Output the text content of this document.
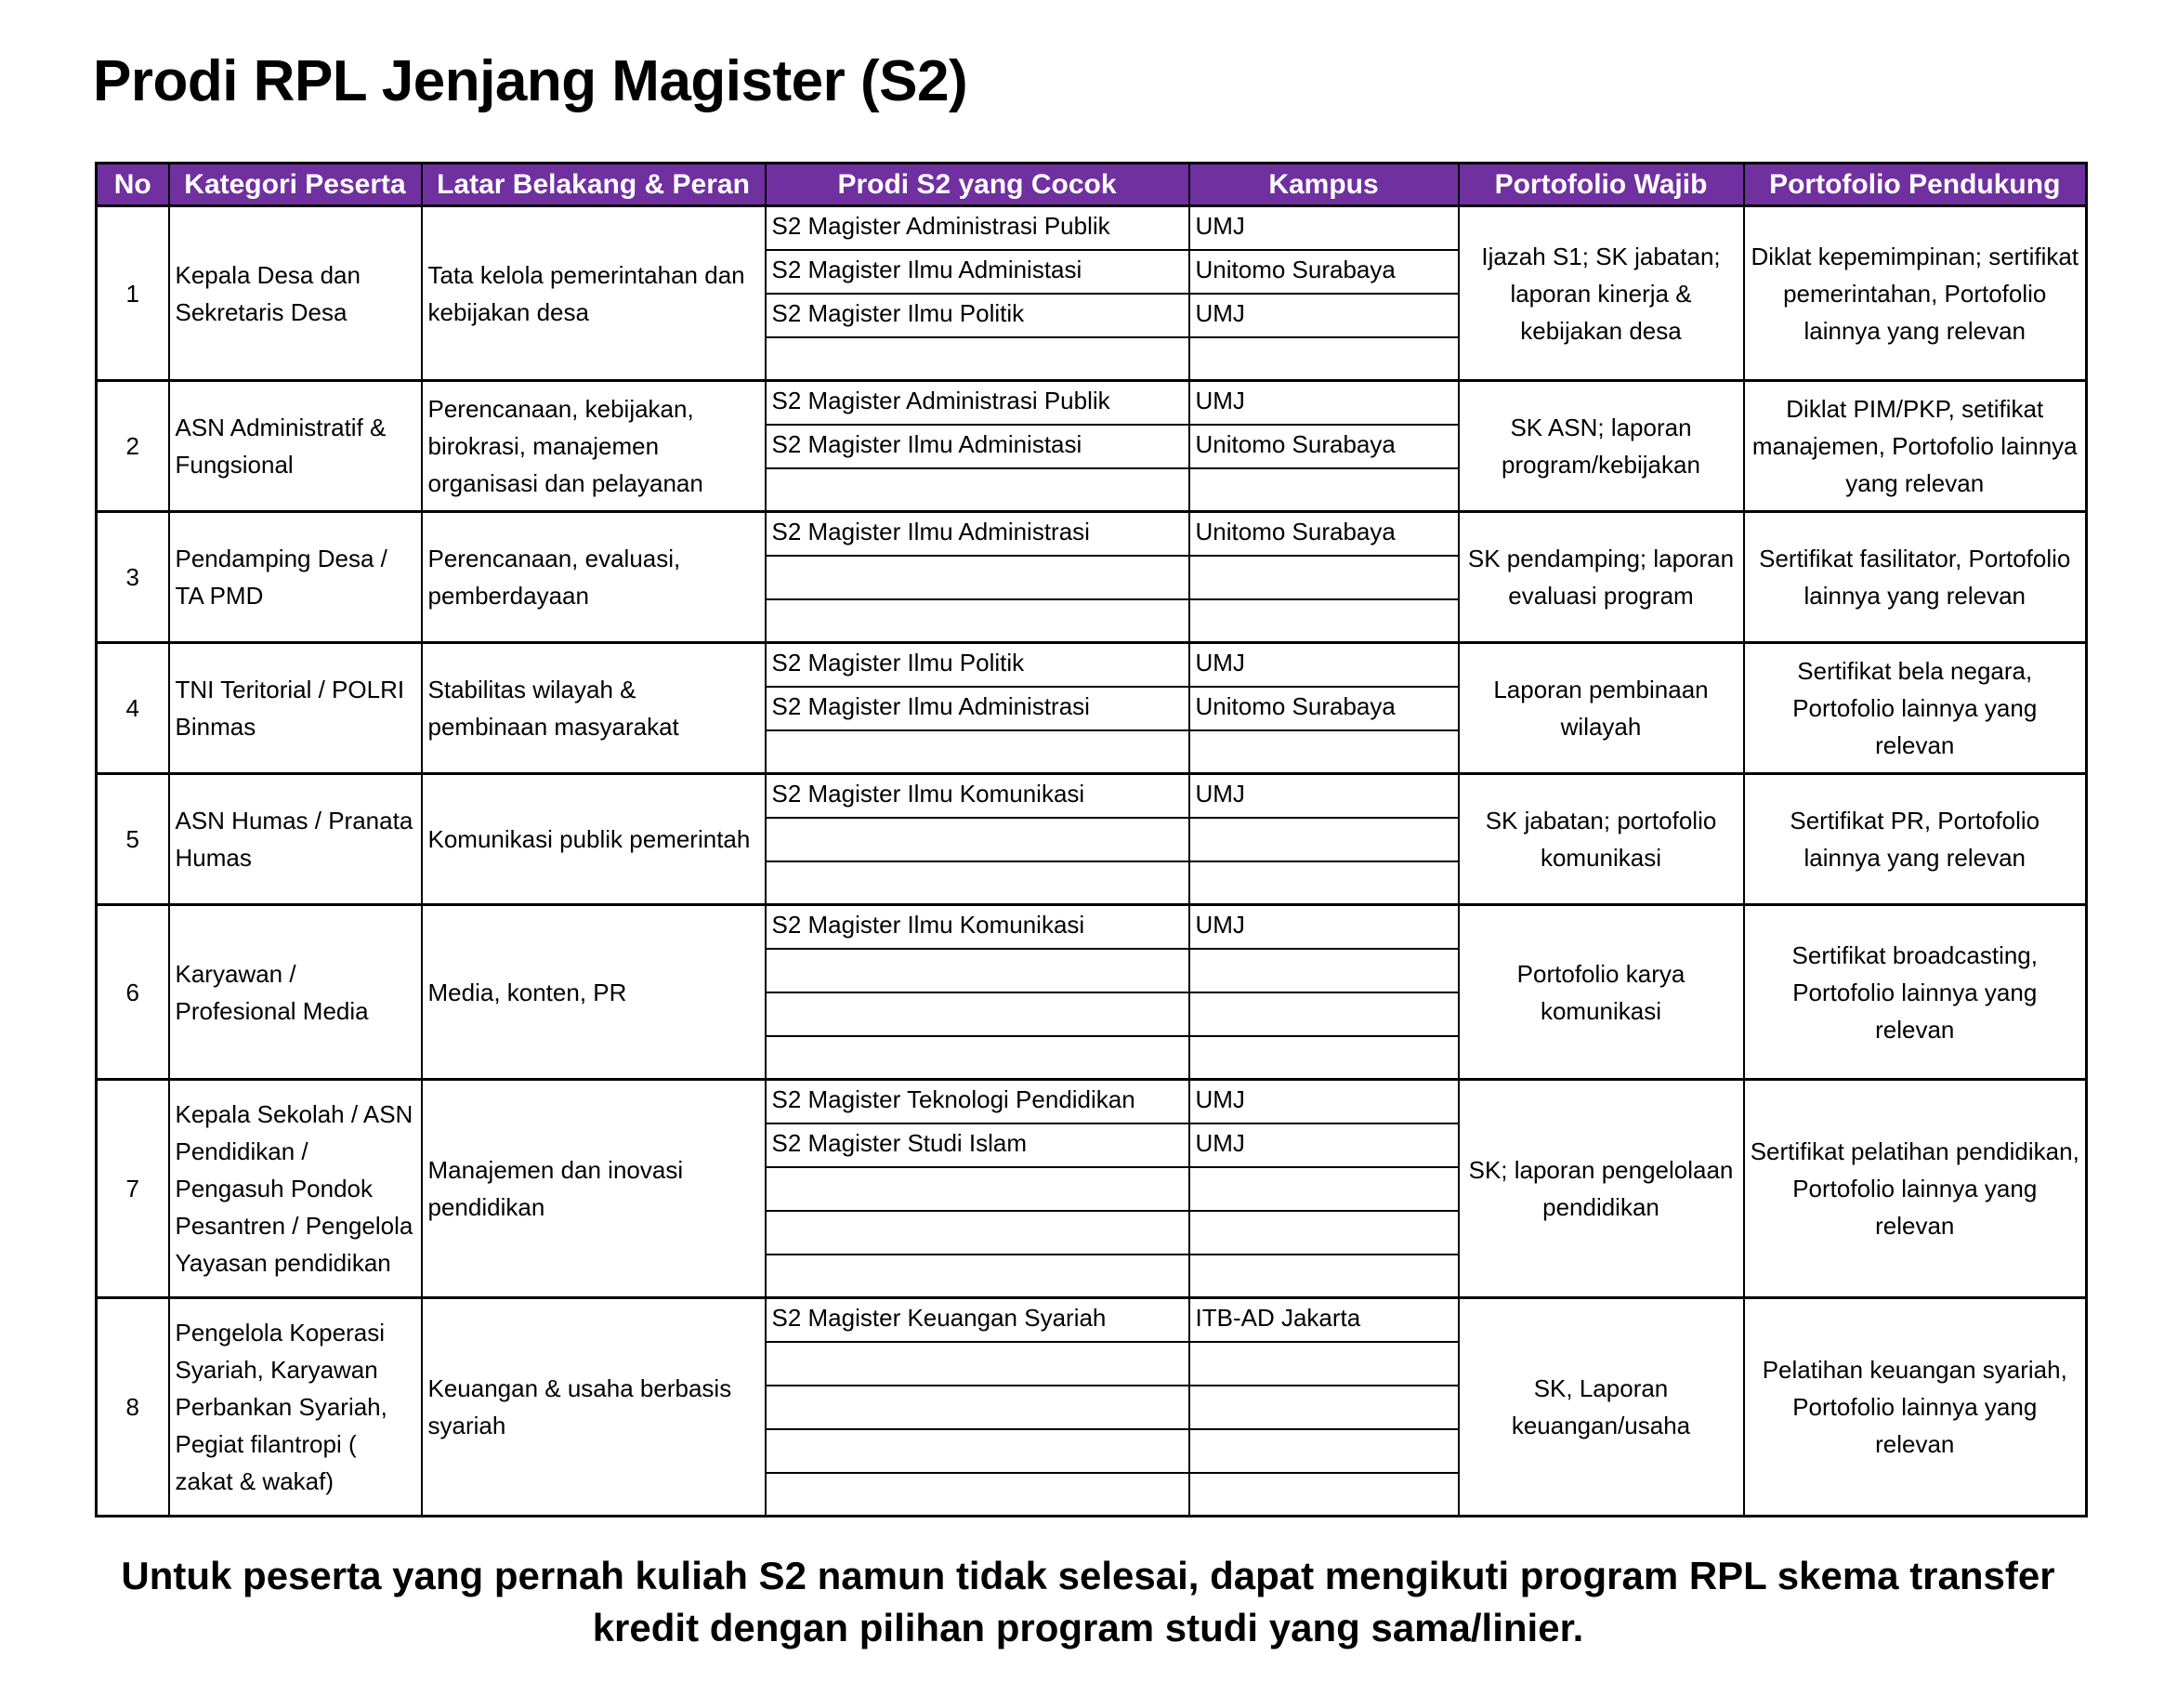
Prodi RPL Jenjang Magister (S2)
No	Kategori Peserta	Latar Belakang & Peran	Prodi S2 yang Cocok	Kampus	Portofolio Wajib	Portofolio Pendukung
1	Kepala Desa dan Sekretaris Desa	Tata kelola pemerintahan dan kebijakan desa	S2 Magister Administrasi Publik	UMJ	Ijazah S1; SK jabatan; laporan kinerja & kebijakan desa	Diklat kepemimpinan; sertifikat pemerintahan, Portofolio lainnya yang relevan
			S2 Magister Ilmu Administasi	Unitomo Surabaya		
			S2 Magister Ilmu Politik	UMJ		

2	ASN Administratif & Fungsional	Perencanaan, kebijakan, birokrasi, manajemen organisasi dan pelayanan	S2 Magister Administrasi Publik	UMJ	SK ASN; laporan program/kebijakan	Diklat PIM/PKP, setifikat manajemen, Portofolio lainnya yang relevan
			S2 Magister Ilmu Administasi	Unitomo Surabaya		

3	Pendamping Desa / TA PMD	Perencanaan, evaluasi, pemberdayaan	S2 Magister Ilmu Administrasi	Unitomo Surabaya	SK pendamping; laporan evaluasi program	Sertifikat fasilitator, Portofolio lainnya yang relevan

4	TNI Teritorial / POLRI Binmas	Stabilitas wilayah & pembinaan masyarakat	S2 Magister Ilmu Politik	UMJ	Laporan pembinaan wilayah	Sertifikat bela negara, Portofolio lainnya yang relevan
			S2 Magister Ilmu Administrasi	Unitomo Surabaya		

5	ASN Humas / Pranata Humas	Komunikasi publik pemerintah	S2 Magister Ilmu Komunikasi	UMJ	SK jabatan; portofolio komunikasi	Sertifikat PR, Portofolio lainnya yang relevan

6	Karyawan / Profesional Media	Media, konten, PR	S2 Magister Ilmu Komunikasi	UMJ	Portofolio karya komunikasi	Sertifikat broadcasting, Portofolio lainnya yang relevan

7	Kepala Sekolah / ASN Pendidikan / Pengasuh Pondok Pesantren / Pengelola Yayasan pendidikan	Manajemen dan inovasi pendidikan	S2 Magister Teknologi Pendidikan	UMJ	SK; laporan pengelolaan pendidikan	Sertifikat pelatihan pendidikan, Portofolio lainnya yang relevan
			S2 Magister Studi Islam	UMJ		

8	Pengelola Koperasi Syariah, Karyawan Perbankan Syariah, Pegiat filantropi ( zakat & wakaf)	Keuangan & usaha berbasis syariah	S2 Magister Keuangan Syariah	ITB-AD Jakarta	SK, Laporan keuangan/usaha	Pelatihan keuangan syariah, Portofolio lainnya yang relevan

Untuk peserta yang pernah kuliah S2 namun tidak selesai, dapat mengikuti program RPL skema transfer kredit dengan pilihan program studi yang sama/linier.
